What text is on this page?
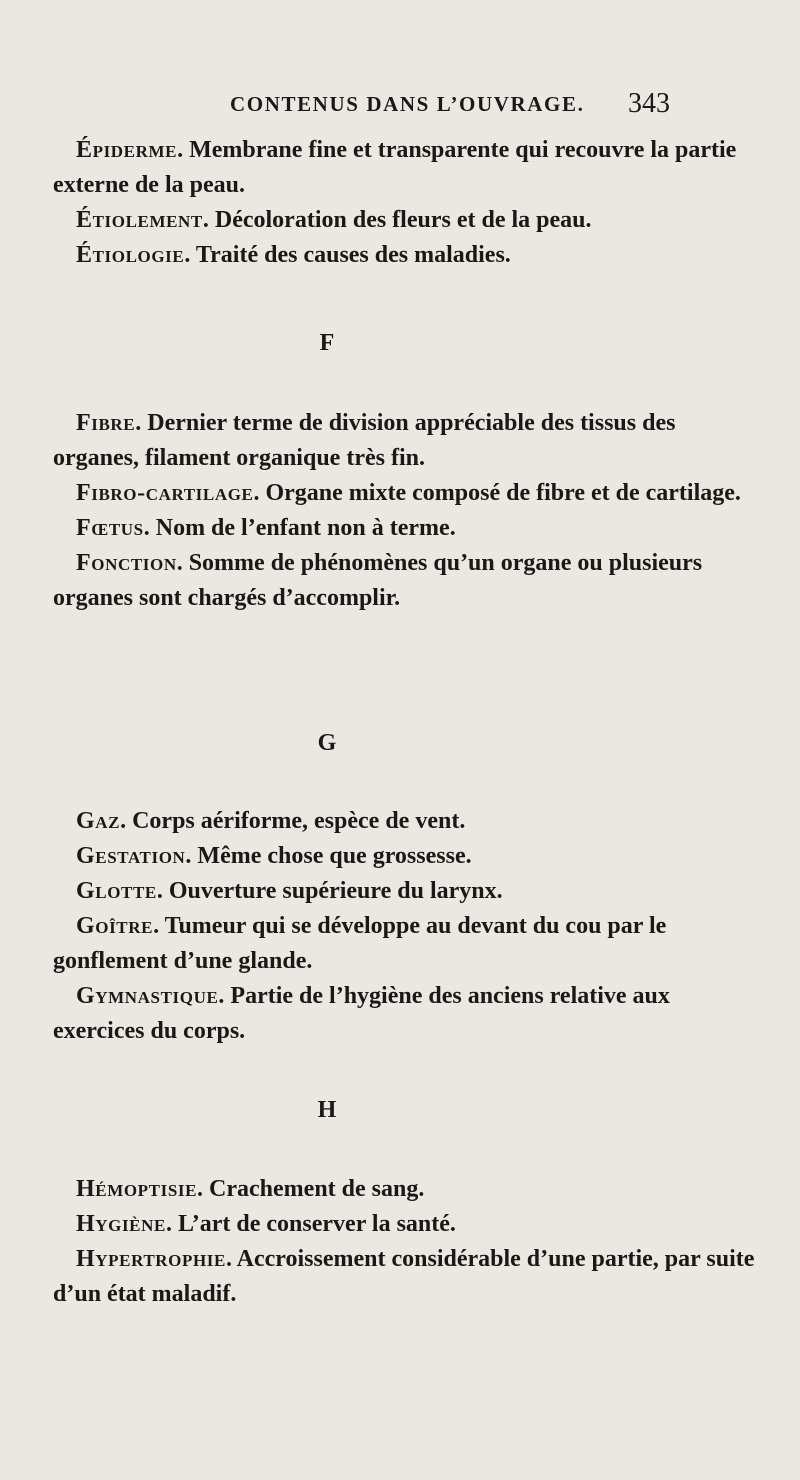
CONTENUS DANS L’OUVRAGE. 343

Épiderme. Membrane fine et transparente qui recouvre la partie externe de la peau.

Étiolement. Décoloration des fleurs et de la peau.

Étiologie. Traité des causes des maladies.

F

Fibre. Dernier terme de division appréciable des tissus des organes, filament organique très fin.

Fibro-cartilage. Organe mixte composé de fibre et de cartilage.

Fœtus. Nom de l’enfant non à terme.

Fonction. Somme de phénomènes qu’un organe ou plusieurs organes sont chargés d’accomplir.

G

Gaz. Corps aériforme, espèce de vent.

Gestation. Même chose que grossesse.

Glotte. Ouverture supérieure du larynx.

Goître. Tumeur qui se développe au devant du cou par le gonflement d’une glande.

Gymnastique. Partie de l’hygiène des anciens relative aux exercices du corps.

H

Hémoptisie. Crachement de sang.

Hygiène. L’art de conserver la santé.

Hypertrophie. Accroissement considérable d’une partie, par suite d’un état maladif.
